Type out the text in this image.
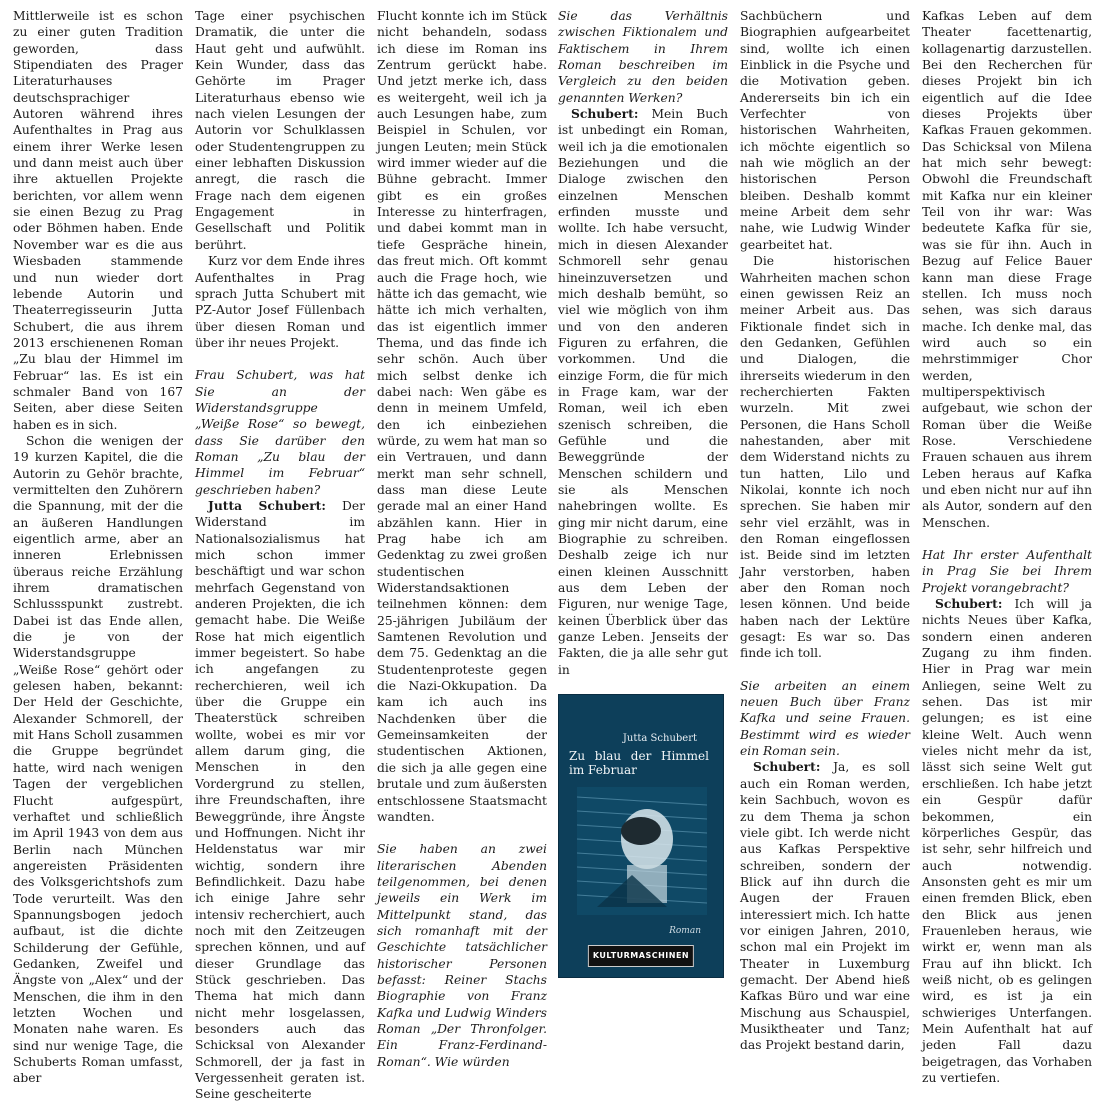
Mittlerweile ist es schon zu einer guten Tradition geworden, dass Stipendiaten des Prager Literaturhauses deutschsprachiger Autoren während ihres Aufenthaltes in Prag aus einem ihrer Werke lesen und dann meist auch über ihre aktuellen Projekte berichten, vor allem wenn sie einen Bezug zu Prag oder Böhmen haben. Ende November war es die aus Wiesbaden stammende und nun wieder dort lebende Autorin und Theaterregisseurin Jutta Schubert, die aus ihrem 2013 erschienenen Roman „Zu blau der Himmel im Februar“ las. Es ist ein schmaler Band von 167 Seiten, aber diese Seiten haben es in sich.

Schon die wenigen der 19 kurzen Kapitel, die die Autorin zu Gehör brachte, vermittelten den Zuhörern die Spannung, mit der die an äußeren Handlungen eigentlich arme, aber an inneren Erlebnissen überaus reiche Erzählung ihrem dramatischen Schlussspunkt zustrebt. Dabei ist das Ende allen, die je von der Widerstandsgruppe „Weiße Rose“ gehört oder gelesen haben, bekannt: Der Held der Geschichte, Alexander Schmorell, der mit Hans Scholl zusammen die Gruppe begründet hatte, wird nach wenigen Tagen der vergeblichen Flucht aufgespürt, verhaftet und schließlich im April 1943 von dem aus Berlin nach München angereisten Präsidenten des Volksgerichtshofs zum Tode verurteilt. Was den Spannungsbogen jedoch aufbaut, ist die dichte Schilderung der Gefühle, Gedanken, Zweifel und Ängste von „Alex“ und der Menschen, die ihm in den letzten Wochen und Monaten nahe waren. Es sind nur wenige Tage, die Schuberts Roman umfasst, aber

Tage einer psychischen Dramatik, die unter die Haut geht und aufwühlt. Kein Wunder, dass das Gehörte im Prager Literaturhaus ebenso wie nach vielen Lesungen der Autorin vor Schulklassen oder Studentengruppen zu einer lebhaften Diskussion anregt, die rasch die Frage nach dem eigenen Engagement in Gesellschaft und Politik berührt.

Kurz vor dem Ende ihres Aufenthaltes in Prag sprach Jutta Schubert mit PZ-Autor Josef Füllenbach über diesen Roman und über ihr neues Projekt.

Frau Schubert, was hat Sie an der Widerstandsgruppe „Weiße Rose“ so bewegt, dass Sie darüber den Roman „Zu blau der Himmel im Februar“ geschrieben haben?

Jutta Schubert: Der Widerstand im Nationalsozialismus hat mich schon immer beschäftigt und war schon mehrfach Gegenstand von anderen Projekten, die ich gemacht habe. Die Weiße Rose hat mich eigentlich immer begeistert. So habe ich angefangen zu recherchieren, weil ich über die Gruppe ein Theaterstück schreiben wollte, wobei es mir vor allem darum ging, die Menschen in den Vordergrund zu stellen, ihre Freundschaften, ihre Beweggründe, ihre Ängste und Hoffnungen. Nicht ihr Heldenstatus war mir wichtig, sondern ihre Befindlichkeit. Dazu habe ich einige Jahre sehr intensiv recherchiert, auch noch mit den Zeitzeugen sprechen können, und auf dieser Grundlage das Stück geschrieben. Das Thema hat mich dann nicht mehr losgelassen, besonders auch das Schicksal von Alexander Schmorell, der ja fast in Vergessenheit geraten ist. Seine gescheiterte

Flucht konnte ich im Stück nicht behandeln, sodass ich diese im Roman ins Zentrum gerückt habe. Und jetzt merke ich, dass es weitergeht, weil ich ja auch Lesungen habe, zum Beispiel in Schulen, vor jungen Leuten; mein Stück wird immer wieder auf die Bühne gebracht. Immer gibt es ein großes Interesse zu hinterfragen, und dabei kommt man in tiefe Gespräche hinein, das freut mich. Oft kommt auch die Frage hoch, wie hätte ich das gemacht, wie hätte ich mich verhalten, das ist eigentlich immer Thema, und das finde ich sehr schön. Auch über mich selbst denke ich dabei nach: Wen gäbe es denn in meinem Umfeld, den ich einbeziehen würde, zu wem hat man so ein Vertrauen, und dann merkt man sehr schnell, dass man diese Leute gerade mal an einer Hand abzählen kann. Hier in Prag habe ich am Gedenktag zu zwei großen studentischen Widerstandsaktionen teilnehmen können: dem 25-jährigen Jubiläum der Samtenen Revolution und dem 75. Gedenktag an die Studentenproteste gegen die Nazi-Okkupation. Da kam ich auch ins Nachdenken über die Gemeinsamkeiten der studentischen Aktionen, die sich ja alle gegen eine brutale und zum äußersten entschlossene Staatsmacht wandten.

Sie haben an zwei literarischen Abenden teilgenommen, bei denen jeweils ein Werk im Mittelpunkt stand, das sich romanhaft mit der Geschichte tatsächlicher historischer Personen befasst: Reiner Stachs Biographie von Franz Kafka und Ludwig Winders Roman „Der Thronfolger. Ein Franz-Ferdinand-Roman“. Wie würden

Sie das Verhältnis zwischen Fiktionalem und Faktischem in Ihrem Roman beschreiben im Vergleich zu den beiden genannten Werken?

Schubert: Mein Buch ist unbedingt ein Roman, weil ich ja die emotionalen Beziehungen und die Dialoge zwischen den einzelnen Menschen erfinden musste und wollte. Ich habe versucht, mich in diesen Alexander Schmorell sehr genau hineinzuversetzen und mich deshalb bemüht, so viel wie möglich von ihm und von den anderen Figuren zu erfahren, die vorkommen. Und die einzige Form, die für mich in Frage kam, war der Roman, weil ich eben szenisch schreiben, die Gefühle und die Beweggründe der Menschen schildern und sie als Menschen nahebringen wollte. Es ging mir nicht darum, eine Biographie zu schreiben. Deshalb zeige ich nur einen kleinen Ausschnitt aus dem Leben der Figuren, nur wenige Tage, keinen Überblick über das ganze Leben. Jenseits der Fakten, die ja alle sehr gut in

Jutta Schubert
Zu blau der Himmel im Februar
Roman
KULTURMASCHINEN

Sachbüchern und Biographien aufgearbeitet sind, wollte ich einen Einblick in die Psyche und die Motivation geben. Andererseits bin ich ein Verfechter von historischen Wahrheiten, ich möchte eigentlich so nah wie möglich an der historischen Person bleiben. Deshalb kommt meine Arbeit dem sehr nahe, wie Ludwig Winder gearbeitet hat.

Die historischen Wahrheiten machen schon einen gewissen Reiz an meiner Arbeit aus. Das Fiktionale findet sich in den Gedanken, Gefühlen und Dialogen, die ihrerseits wiederum in den recherchierten Fakten wurzeln. Mit zwei Personen, die Hans Scholl nahestanden, aber mit dem Widerstand nichts zu tun hatten, Lilo und Nikolai, konnte ich noch sprechen. Sie haben mir sehr viel erzählt, was in den Roman eingeflossen ist. Beide sind im letzten Jahr verstorben, haben aber den Roman noch lesen können. Und beide haben nach der Lektüre gesagt: Es war so. Das finde ich toll.

Sie arbeiten an einem neuen Buch über Franz Kafka und seine Frauen. Bestimmt wird es wieder ein Roman sein.

Schubert: Ja, es soll auch ein Roman werden, kein Sachbuch, wovon es zu dem Thema ja schon viele gibt. Ich werde nicht aus Kafkas Perspektive schreiben, sondern der Blick auf ihn durch die Augen der Frauen interessiert mich. Ich hatte vor einigen Jahren, 2010, schon mal ein Projekt im Theater in Luxemburg gemacht. Der Abend hieß Kafkas Büro und war eine Mischung aus Schauspiel, Musiktheater und Tanz; das Projekt bestand darin,

Kafkas Leben auf dem Theater facettenartig, kollagenartig darzustellen. Bei den Recherchen für dieses Projekt bin ich eigentlich auf die Idee dieses Projekts über Kafkas Frauen gekommen. Das Schicksal von Milena hat mich sehr bewegt: Obwohl die Freundschaft mit Kafka nur ein kleiner Teil von ihr war: Was bedeutete Kafka für sie, was sie für ihn. Auch in Bezug auf Felice Bauer kann man diese Frage stellen. Ich muss noch sehen, was sich daraus mache. Ich denke mal, das wird auch so ein mehrstimmiger Chor werden, multiperspektivisch aufgebaut, wie schon der Roman über die Weiße Rose. Verschiedene Frauen schauen aus ihrem Leben heraus auf Kafka und eben nicht nur auf ihn als Autor, sondern auf den Menschen.

Hat Ihr erster Aufenthalt in Prag Sie bei Ihrem Projekt vorangebracht?

Schubert: Ich will ja nichts Neues über Kafka, sondern einen anderen Zugang zu ihm finden. Hier in Prag war mein Anliegen, seine Welt zu sehen. Das ist mir gelungen; es ist eine kleine Welt. Auch wenn vieles nicht mehr da ist, lässt sich seine Welt gut erschließen. Ich habe jetzt ein Gespür dafür bekommen, ein körperliches Gespür, das ist sehr, sehr hilfreich und auch notwendig. Ansonsten geht es mir um einen fremden Blick, eben den Blick aus jenen Frauenleben heraus, wie wirkt er, wenn man als Frau auf ihn blickt. Ich weiß nicht, ob es gelingen wird, es ist ja ein schwieriges Unterfangen. Mein Aufenthalt hat auf jeden Fall dazu beigetragen, das Vorhaben zu vertiefen.
